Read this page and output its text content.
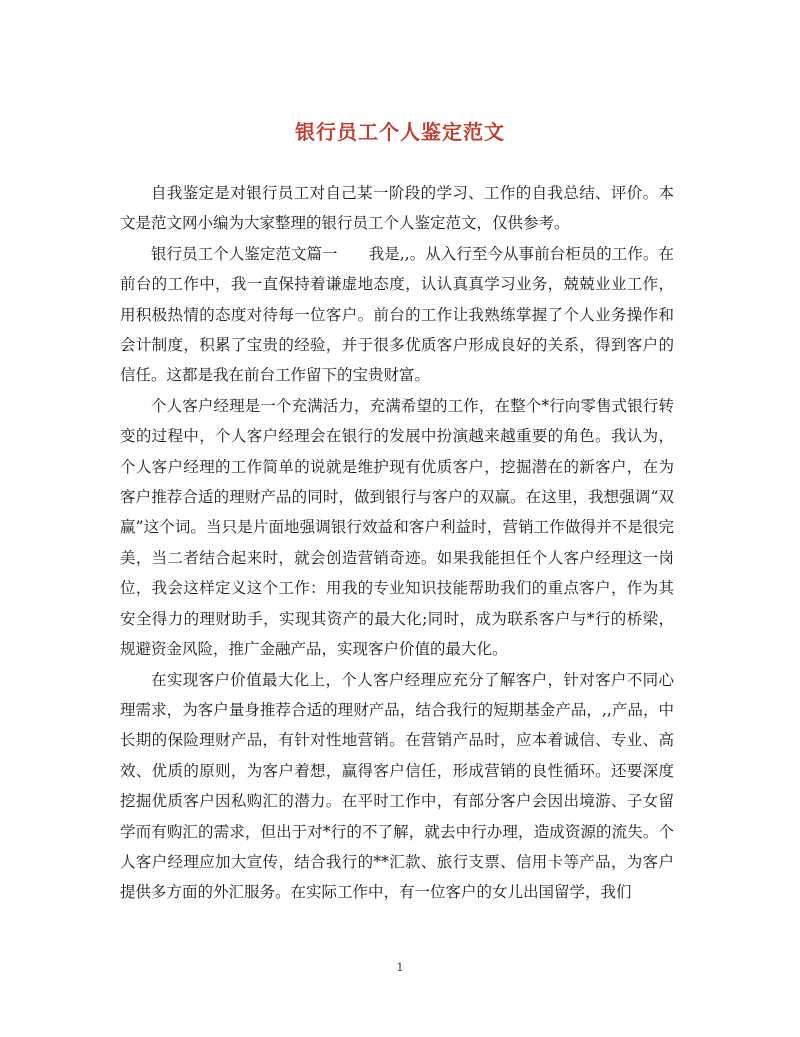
银行员工个人鉴定范文

自我鉴定是对银行员工对自己某一阶段的学习、工作的自我总结、评价。本文是范文网小编为大家整理的银行员工个人鉴定范文，仅供参考。

银行员工个人鉴定范文篇一　　我是,,。从入行至今从事前台柜员的工作。在前台的工作中，我一直保持着谦虚地态度，认认真真学习业务，兢兢业业工作，用积极热情的态度对待每一位客户。前台的工作让我熟练掌握了个人业务操作和会计制度，积累了宝贵的经验，并于很多优质客户形成良好的关系，得到客户的信任。这都是我在前台工作留下的宝贵财富。

个人客户经理是一个充满活力，充满希望的工作，在整个*行向零售式银行转变的过程中，个人客户经理会在银行的发展中扮演越来越重要的角色。我认为，个人客户经理的工作简单的说就是维护现有优质客户，挖掘潜在的新客户，在为客户推荐合适的理财产品的同时，做到银行与客户的双赢。在这里，我想强调“双赢”这个词。当只是片面地强调银行效益和客户利益时，营销工作做得并不是很完美，当二者结合起来时，就会创造营销奇迹。如果我能担任个人客户经理这一岗位，我会这样定义这个工作：用我的专业知识技能帮助我们的重点客户，作为其安全得力的理财助手，实现其资产的最大化;同时，成为联系客户与*行的桥梁，规避资金风险，推广金融产品，实现客户价值的最大化。

在实现客户价值最大化上，个人客户经理应充分了解客户，针对客户不同心理需求，为客户量身推荐合适的理财产品，结合我行的短期基金产品，,,产品，中长期的保险理财产品，有针对性地营销。在营销产品时，应本着诚信、专业、高效、优质的原则，为客户着想，赢得客户信任，形成营销的良性循环。还要深度挖掘优质客户因私购汇的潜力。在平时工作中，有部分客户会因出境游、子女留学而有购汇的需求，但出于对*行的不了解，就去中行办理，造成资源的流失。个人客户经理应加大宣传，结合我行的**汇款、旅行支票、信用卡等产品，为客户提供多方面的外汇服务。在实际工作中，有一位客户的女儿出国留学，我们

1
